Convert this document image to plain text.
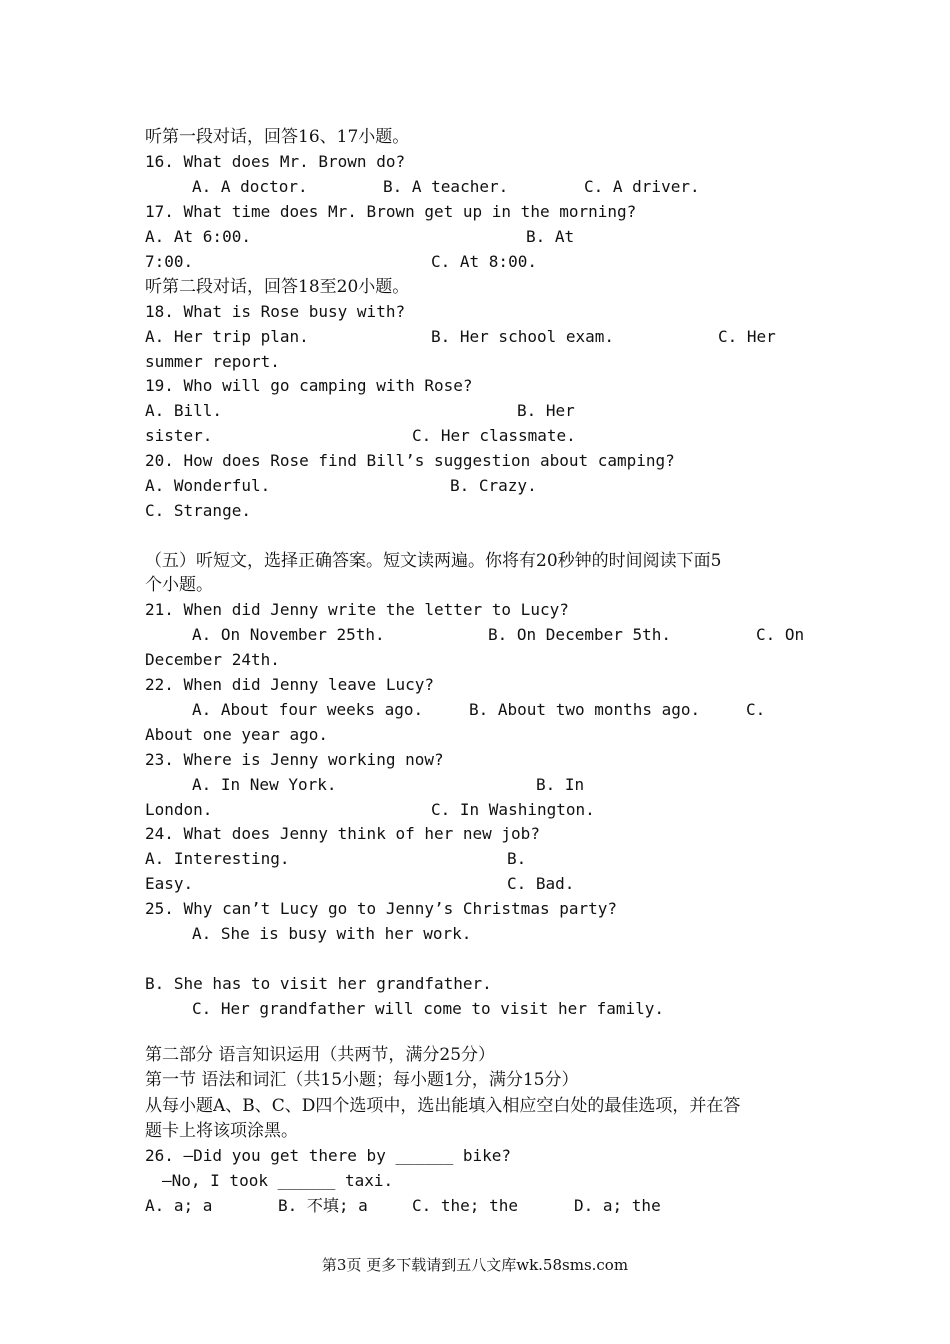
听第一段对话，回答16、17小题。
16. What does Mr. Brown do?
A. A doctor.	B. A teacher.	C. A driver.
17. What time does Mr. Brown get up in the morning?
A. At 6:00.	B. At
7:00.	C. At 8:00.
听第二段对话，回答18至20小题。
18. What is Rose busy with?
A. Her trip plan.	B. Her school exam.	C. Her
summer report.
19. Who will go camping with Rose?
A. Bill.	B. Her
sister.	C. Her classmate.
20. How does Rose find Bill’s suggestion about camping?
A. Wonderful.	B. Crazy.
C. Strange.
（五）听短文，选择正确答案。短文读两遍。你将有20秒钟的时间阅读下面5
个小题。
21. When did Jenny write the letter to Lucy?
A. On November 25th.	B. On December 5th.	C. On
December 24th.
22. When did Jenny leave Lucy?
A. About four weeks ago.	B. About two months ago.	C.
About one year ago.
23. Where is Jenny working now?
A. In New York.	B. In
London.	C. In Washington.
24. What does Jenny think of her new job?
A. Interesting.	B.
Easy.	C. Bad.
25. Why can’t Lucy go to Jenny’s Christmas party?
A. She is busy with her work.
B. She has to visit her grandfather.
C. Her grandfather will come to visit her family.
第二部分 语言知识运用（共两节，满分25分）
第一节 语法和词汇（共15小题；每小题1分，满分15分）
从每小题A、B、C、D四个选项中，选出能填入相应空白处的最佳选项，并在答
题卡上将该项涂黑。
26. —Did you get there by ______ bike?
—No, I took ______ taxi.
A. a; a	B. 不填; a	C. the; the	D. a; the
第3页 更多下载请到五八文库wk.58sms.com
